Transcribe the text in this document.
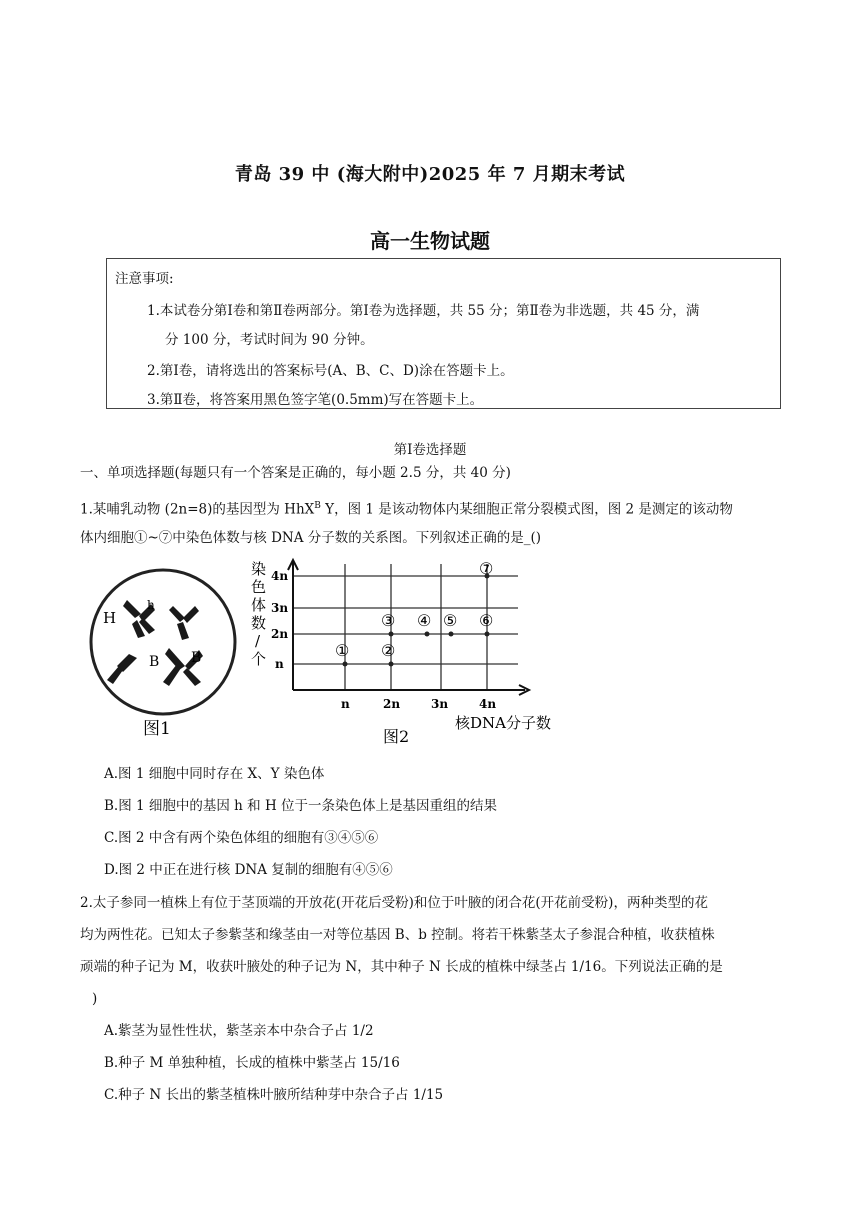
青岛 39 中 (海大附中)2025 年 7 月期末考试
高一生物试题
注意事项:
1.本试卷分第Ⅰ卷和第Ⅱ卷两部分。第Ⅰ卷为选择题，共 55 分；第Ⅱ卷为非选题，共 45 分，满
分 100 分，考试时间为 90 分钟。
2.第Ⅰ卷，请将选出的答案标号(A、B、C、D)涂在答题卡上。
3.第Ⅱ卷，将答案用黑色签字笔(0.5mm)写在答题卡上。
第Ⅰ卷选择题
一、单项选择题(每题只有一个答案是正确的，每小题 2.5 分，共 40 分)
1.某哺乳动物 (2n=8)的基因型为 HhX$^B$ Y，图 1 是该动物体内某细胞正常分裂模式图，图 2 是测定的该动物
体内细胞①~⑦中染色体数与核 DNA 分子数的关系图。下列叙述正确的是_()
H
h
B B
图1
染
色
体
数
/
个
4n
3n
2n
n
n	2n	3n	4n
核DNA分子数
图2
① ②
③ ④ ⑤ ⑥
⑦
A.图 1 细胞中同时存在 X、Y 染色体
B.图 1 细胞中的基因 h 和 H 位于一条染色体上是基因重组的结果
C.图 2 中含有两个染色体组的细胞有③④⑤⑥
D.图 2 中正在进行核 DNA 复制的细胞有④⑤⑥
2.太子参同一植株上有位于茎顶端的开放花(开花后受粉)和位于叶腋的闭合花(开花前受粉)，两种类型的花
均为两性花。已知太子参紫茎和缘茎由一对等位基因 B、b 控制。将若干株紫茎太子参混合种植，收获植株
顽端的种子记为 M，收获叶腋处的种子记为 N，其中种子 N 长成的植株中绿茎占 1/16。下列说法正确的是
)
A.紫茎为显性性状，紫茎亲本中杂合子占 1/2
B.种子 M 单独种植，长成的植株中紫茎占 15/16
C.种子 N 长出的紫茎植株叶腋所结种芽中杂合子占 1/15
